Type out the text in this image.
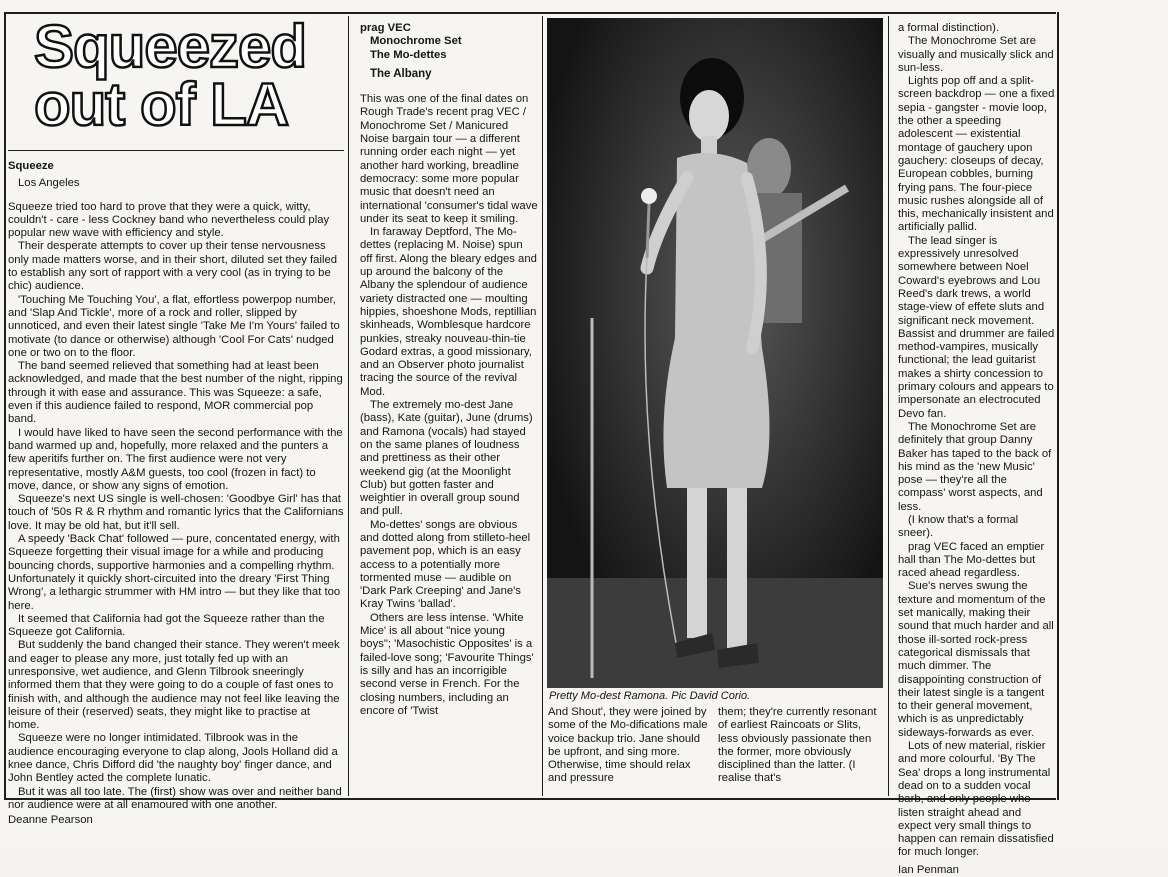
Squeezed
out of LA

Squeeze

Los Angeles

Squeeze tried too hard to prove that they were a quick, witty, couldn't - care - less Cockney band who nevertheless could play popular new wave with efficiency and style.

Their desperate attempts to cover up their tense nervousness only made matters worse, and in their short, diluted set they failed to establish any sort of rapport with a very cool (as in trying to be chic) audience.

'Touching Me Touching You', a flat, effortless powerpop number, and 'Slap And Tickle', more of a rock and roller, slipped by unnoticed, and even their latest single 'Take Me I'm Yours' failed to motivate (to dance or otherwise) although 'Cool For Cats' nudged one or two on to the floor.

The band seemed relieved that something had at least been acknowledged, and made that the best number of the night, ripping through it with ease and assurance. This was Squeeze: a safe, even if this audience failed to respond, MOR commercial pop band.

I would have liked to have seen the second performance with the band warmed up and, hopefully, more relaxed and the punters a few aperitifs further on. The first audience were not very representative, mostly A&M guests, too cool (frozen in fact) to move, dance, or show any signs of emotion.

Squeeze's next US single is well-chosen: 'Goodbye Girl' has that touch of '50s R & R rhythm and romantic lyrics that the Californians love. It may be old hat, but it'll sell.

A speedy 'Back Chat' followed — pure, concentated energy, with Squeeze forgetting their visual image for a while and producing bouncing chords, supportive harmonies and a compelling rhythm. Unfortunately it quickly short-circuited into the dreary 'First Thing Wrong', a lethargic strummer with HM intro — but they like that too here.

It seemed that California had got the Squeeze rather than the Squeeze got California.

But suddenly the band changed their stance. They weren't meek and eager to please any more, just totally fed up with an unresponsive, wet audience, and Glenn Tilbrook sneeringly informed them that they were going to do a couple of fast ones to finish with, and although the audience may not feel like leaving the leisure of their (reserved) seats, they might like to practise at home.

Squeeze were no longer intimidated. Tilbrook was in the audience encouraging everyone to clap along, Jools Holland did a knee dance, Chris Difford did 'the naughty boy' finger dance, and John Bentley acted the complete lunatic.

But it was all too late. The (first) show was over and neither band nor audience were at all enamoured with one another.

Deanne Pearson

prag VEC

Monochrome Set

The Mo-dettes

The Albany

This was one of the final dates on Rough Trade's recent prag VEC / Monochrome Set / Manicured Noise bargain tour — a different running order each night — yet another hard working, breadline democracy: some more popular music that doesn't need an international 'consumer's tidal wave under its seat to keep it smiling.

In faraway Deptford, The Mo-dettes (replacing M. Noise) spun off first. Along the bleary edges and up around the balcony of the Albany the splendour of audience variety distracted one — moulting hippies, shoeshone Mods, reptillian skinheads, Womblesque hardcore punkies, streaky nouveau-thin-tie Godard extras, a good missionary, and an Observer photo journalist tracing the source of the revival Mod.

The extremely mo-dest Jane (bass), Kate (guitar), June (drums) and Ramona (vocals) had stayed on the same planes of loudness and prettiness as their other weekend gig (at the Moonlight Club) but gotten faster and weightier in overall group sound and pull.

Mo-dettes' songs are obvious and dotted along from stilleto-heel pavement pop, which is an easy access to a potentially more tormented muse — audible on 'Dark Park Creeping' and Jane's Kray Twins 'ballad'.

Others are less intense. 'White Mice' is all about "nice young boys"; 'Masochistic Opposites' is a failed-love song; 'Favourite Things' is silly and has an incorrigible second verse in French. For the closing numbers, including an encore of 'Twist

Pretty Mo-dest Ramona. Pic David Corio.

And Shout', they were joined by some of the Mo-difications male voice backup trio. Jane should be upfront, and sing more. Otherwise, time should relax and pressure

them; they're currently resonant of earliest Raincoats or Slits, less obviously passionate then the former, more obviously disciplined than the latter. (I realise that's

a formal distinction).

The Monochrome Set are visually and musically slick and sun-less.

Lights pop off and a split-screen backdrop — one a fixed sepia - gangster - movie loop, the other a speeding adolescent — existential montage of gauchery upon gauchery: closeups of decay, European cobbles, burning frying pans. The four-piece music rushes alongside all of this, mechanically insistent and artificially pallid.

The lead singer is expressively unresolved somewhere between Noel Coward's eyebrows and Lou Reed's dark trews, a world stage-view of effete sluts and significant neck movement. Bassist and drummer are failed method-vampires, musically functional; the lead guitarist makes a shirty concession to primary colours and appears to impersonate an electrocuted Devo fan.

The Monochrome Set are definitely that group Danny Baker has taped to the back of his mind as the 'new Music' pose — they're all the compass' worst aspects, and less.

(I know that's a formal sneer).

prag VEC faced an emptier hall than The Mo-dettes but raced ahead regardless.

Sue's nerves swung the texture and momentum of the set manically, making their sound that much harder and all those ill-sorted rock-press categorical dismissals that much dimmer. The disappointing construction of their latest single is a tangent to their general movement, which is as unpredictably sideways-forwards as ever.

Lots of new material, riskier and more colourful. 'By The Sea' drops a long instrumental dead on to a sudden vocal barb, and only people who listen straight ahead and expect very small things to happen can remain dissatisfied for much longer.

Ian Penman
